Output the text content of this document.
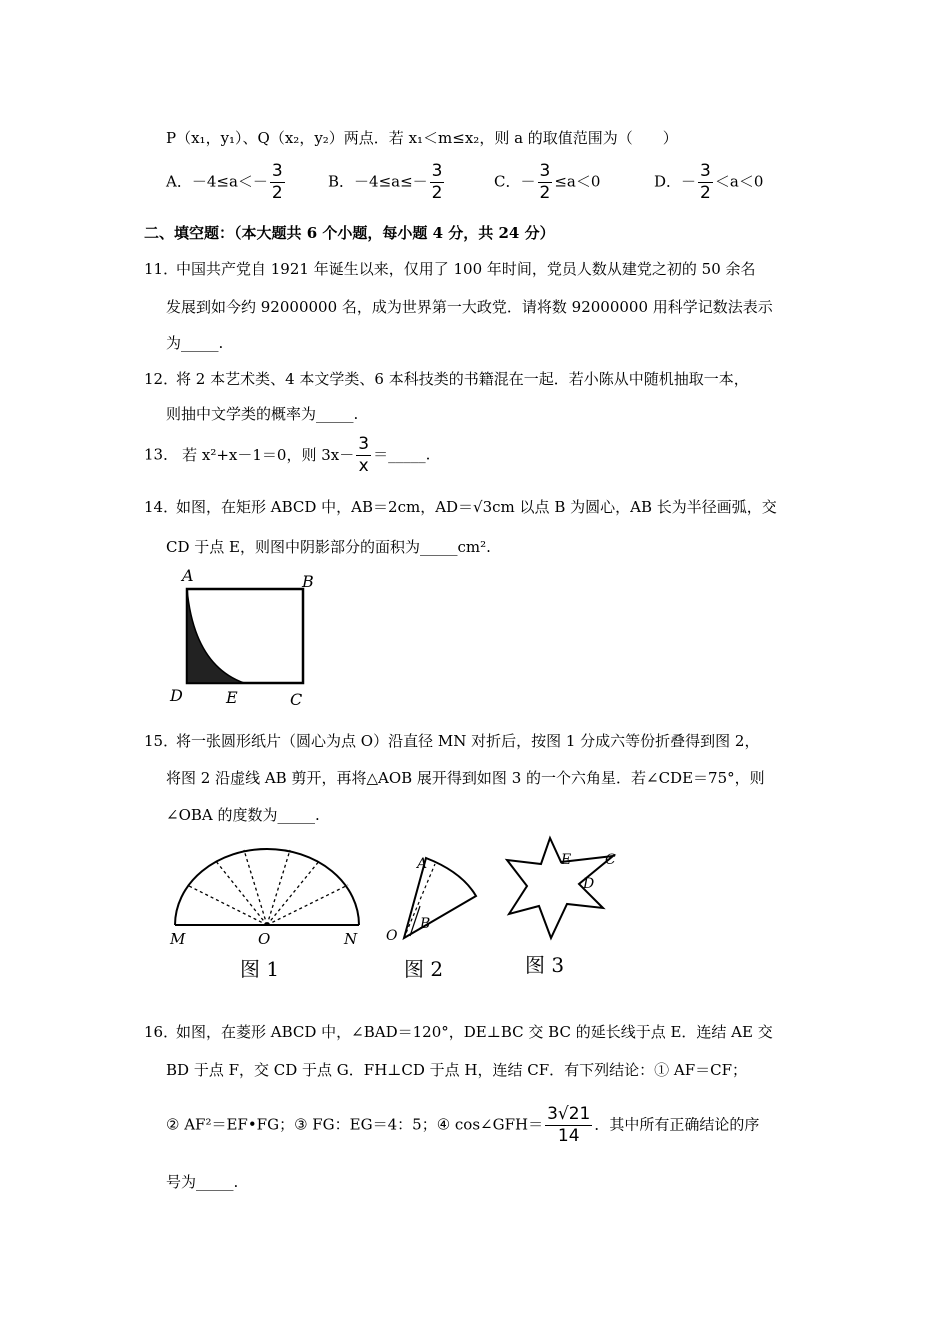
P（x₁，y₁）、Q（x₂，y₂）两点．若 x₁＜m≤x₂，则 a 的取值范围为（　　）
A．$-4\le a<- \frac{3}{2}$	B．$-4\le a\le- \frac{3}{2}$	C．－ $\frac{3}{2} \le a<0$	D．－ $\frac{3}{2} <a<0$
二、填空题：（本大题共 6 个小题，每小题 4 分，共 24 分）
11．
中国共产党自 1921 年诞生以来，仅用了 100 年时间，党员人数从建党之初的 50 余名
发展到如今约 92000000 名，成为世界第一大政党．请将数 92000000 用科学记数法表示
为_____.
12．
将 2 本艺术类、4 本文学类、6 本科技类的书籍混在一起．若小陈从中随机抽取一本，
则抽中文学类的概率为_____.
13． 若 x²+x－1＝0，则 $3x- \frac{3}{x}$ ＝_____.
14．
如图，在矩形 ABCD 中，AB＝2cm，AD＝√3cm 以点 B 为圆心，AB 长为半径画弧，交
CD 于点 E，则图中阴影部分的面积为_____cm².
A	B
C
D	E
15．
将一张圆形纸片（圆心为点 O）沿直径 MN 对折后，按图 1 分成六等份折叠得到图 2，
将图 2 沿虚线 AB 剪开，再将△AOB 展开得到如图 3 的一个六角星．若∠CDE＝75°，则
∠OBA 的度数为_____.
M	O	N
图 1
A
B
O
图 2
E C
D
图 3
16．
如图，在菱形 ABCD 中，∠BAD＝120°，DE⊥BC 交 BC 的延长线于点 E．连结 AE 交
BD 于点 F，交 CD 于点 G．FH⊥CD 于点 H，连结 CF．有下列结论：① AF＝CF；
② AF²＝EF•FG；③ FG：EG＝4：5；④ cos∠GFH＝ $\frac{3√21}{14}$ ．其中所有正确结论的序
号为_____.
